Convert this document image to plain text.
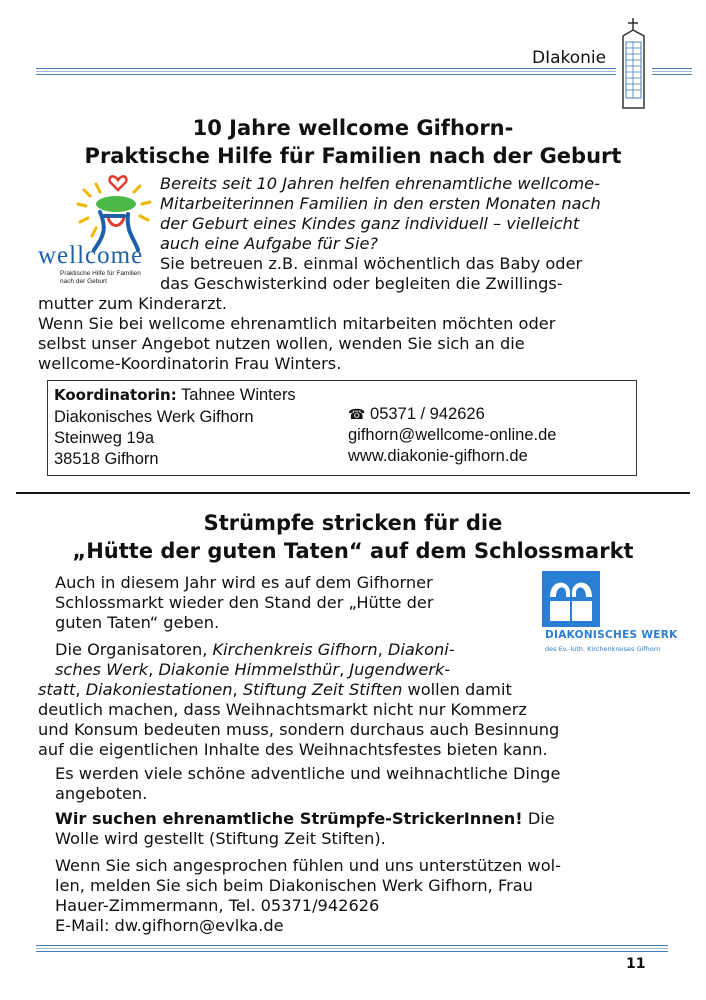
DIakonie
10 Jahre wellcome Gifhorn-
Praktische Hilfe für Familien nach der Geburt
wellcome
Praktische Hilfe für Familien
nach der Geburt
Bereits seit 10 Jahren helfen ehrenamtliche wellcome-
Mitarbeiterinnen Familien in den ersten Monaten nach
der Geburt eines Kindes ganz individuell – vielleicht
auch eine Aufgabe für Sie?
Sie betreuen z.B. einmal wöchentlich das Baby oder
das Geschwisterkind oder begleiten die Zwillings-
mutter zum Kinderarzt.
Wenn Sie bei wellcome ehrenamtlich mitarbeiten möchten oder
selbst unser Angebot nutzen wollen, wenden Sie sich an die
wellcome-Koordinatorin Frau Winters.
Koordinatorin: Tahnee Winters
Diakonisches Werk Gifhorn
Steinweg 19a
38518 Gifhorn
☎ 05371 / 942626
gifhorn@wellcome-online.de
www.diakonie-gifhorn.de
Strümpfe stricken für die
„Hütte der guten Taten“ auf dem Schlossmarkt
DIAKONISCHES WERK
des Ev.-luth. Kirchenkreises Gifhorn
Auch in diesem Jahr wird es auf dem Gifhorner
Schlossmarkt wieder den Stand der „Hütte der
guten Taten“ geben.
Die Organisatoren, Kirchenkreis Gifhorn, Diakoni-
sches Werk, Diakonie Himmelsthür, Jugendwerk-
statt, Diakoniestationen, Stiftung Zeit Stiften wollen damit
deutlich machen, dass Weihnachtsmarkt nicht nur Kommerz
und Konsum bedeuten muss, sondern durchaus auch Besinnung
auf die eigentlichen Inhalte des Weihnachtsfestes bieten kann.
Es werden viele schöne adventliche und weihnachtliche Dinge
angeboten.
Wir suchen ehrenamtliche Strümpfe-StrickerInnen! Die
Wolle wird gestellt (Stiftung Zeit Stiften).
Wenn Sie sich angesprochen fühlen und uns unterstützen wol-
len, melden Sie sich beim Diakonischen Werk Gifhorn, Frau
Hauer-Zimmermann, Tel. 05371/942626
E-Mail: dw.gifhorn@evlka.de
11
